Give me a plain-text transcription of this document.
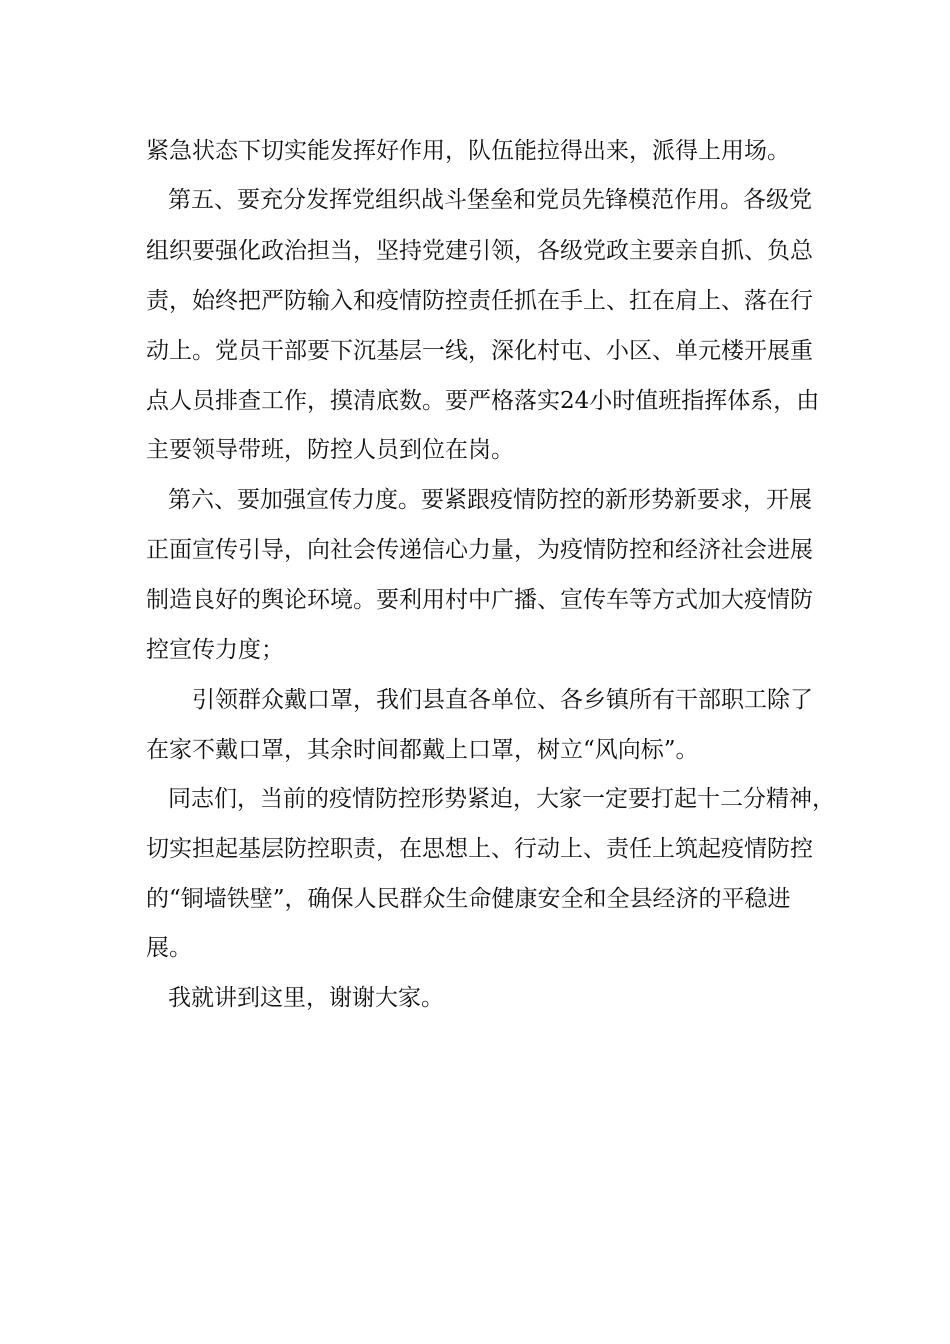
紧急状态下切实能发挥好作用，队伍能拉得出来，派得上用场。
第五、要充分发挥党组织战斗堡垒和党员先锋模范作用。各级党
组织要强化政治担当，坚持党建引领，各级党政主要亲自抓、负总
责，始终把严防输入和疫情防控责任抓在手上、扛在肩上、落在行
动上。党员干部要下沉基层一线，深化村屯、小区、单元楼开展重
点人员排查工作，摸清底数。要严格落实24小时值班指挥体系，由
主要领导带班，防控人员到位在岗。
第六、要加强宣传力度。要紧跟疫情防控的新形势新要求，开展
正面宣传引导，向社会传递信心力量，为疫情防控和经济社会进展
制造良好的舆论环境。要利用村中广播、宣传车等方式加大疫情防
控宣传力度；
引领群众戴口罩，我们县直各单位、各乡镇所有干部职工除了
在家不戴口罩，其余时间都戴上口罩，树立“风向标”。
同志们，当前的疫情防控形势紧迫，大家一定要打起十二分精神，
切实担起基层防控职责，在思想上、行动上、责任上筑起疫情防控
的“铜墙铁壁”，确保人民群众生命健康安全和全县经济的平稳进
展。
我就讲到这里，谢谢大家。
